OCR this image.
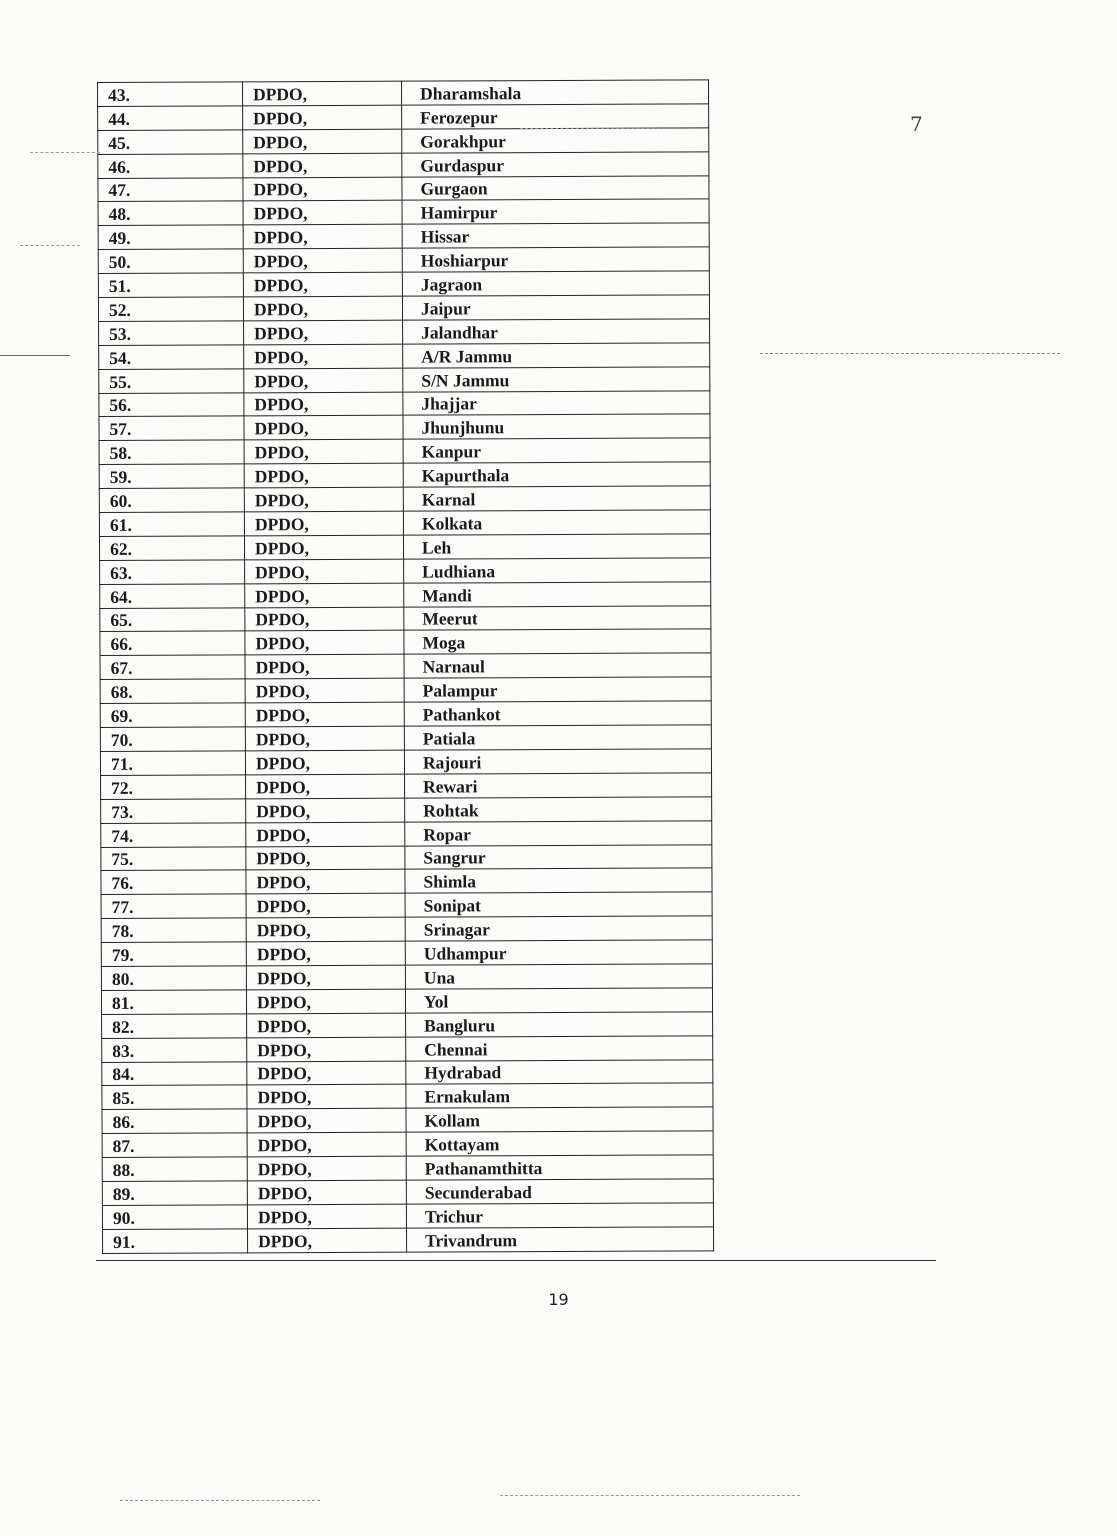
43.	DPDO,	Dharamshala
44.	DPDO,	Ferozepur
45.	DPDO,	Gorakhpur
46.	DPDO,	Gurdaspur
47.	DPDO,	Gurgaon
48.	DPDO,	Hamirpur
49.	DPDO,	Hissar
50.	DPDO,	Hoshiarpur
51.	DPDO,	Jagraon
52.	DPDO,	Jaipur
53.	DPDO,	Jalandhar
54.	DPDO,	A/R Jammu
55.	DPDO,	S/N Jammu
56.	DPDO,	Jhajjar
57.	DPDO,	Jhunjhunu
58.	DPDO,	Kanpur
59.	DPDO,	Kapurthala
60.	DPDO,	Karnal
61.	DPDO,	Kolkata
62.	DPDO,	Leh
63.	DPDO,	Ludhiana
64.	DPDO,	Mandi
65.	DPDO,	Meerut
66.	DPDO,	Moga
67.	DPDO,	Narnaul
68.	DPDO,	Palampur
69.	DPDO,	Pathankot
70.	DPDO,	Patiala
71.	DPDO,	Rajouri
72.	DPDO,	Rewari
73.	DPDO,	Rohtak
74.	DPDO,	Ropar
75.	DPDO,	Sangrur
76.	DPDO,	Shimla
77.	DPDO,	Sonipat
78.	DPDO,	Srinagar
79.	DPDO,	Udhampur
80.	DPDO,	Una
81.	DPDO,	Yol
82.	DPDO,	Bangluru
83.	DPDO,	Chennai
84.	DPDO,	Hydrabad
85.	DPDO,	Ernakulam
86.	DPDO,	Kollam
87.	DPDO,	Kottayam
88.	DPDO,	Pathanamthitta
89.	DPDO,	Secunderabad
90.	DPDO,	Trichur
91.	DPDO,	Trivandrum
7
19
